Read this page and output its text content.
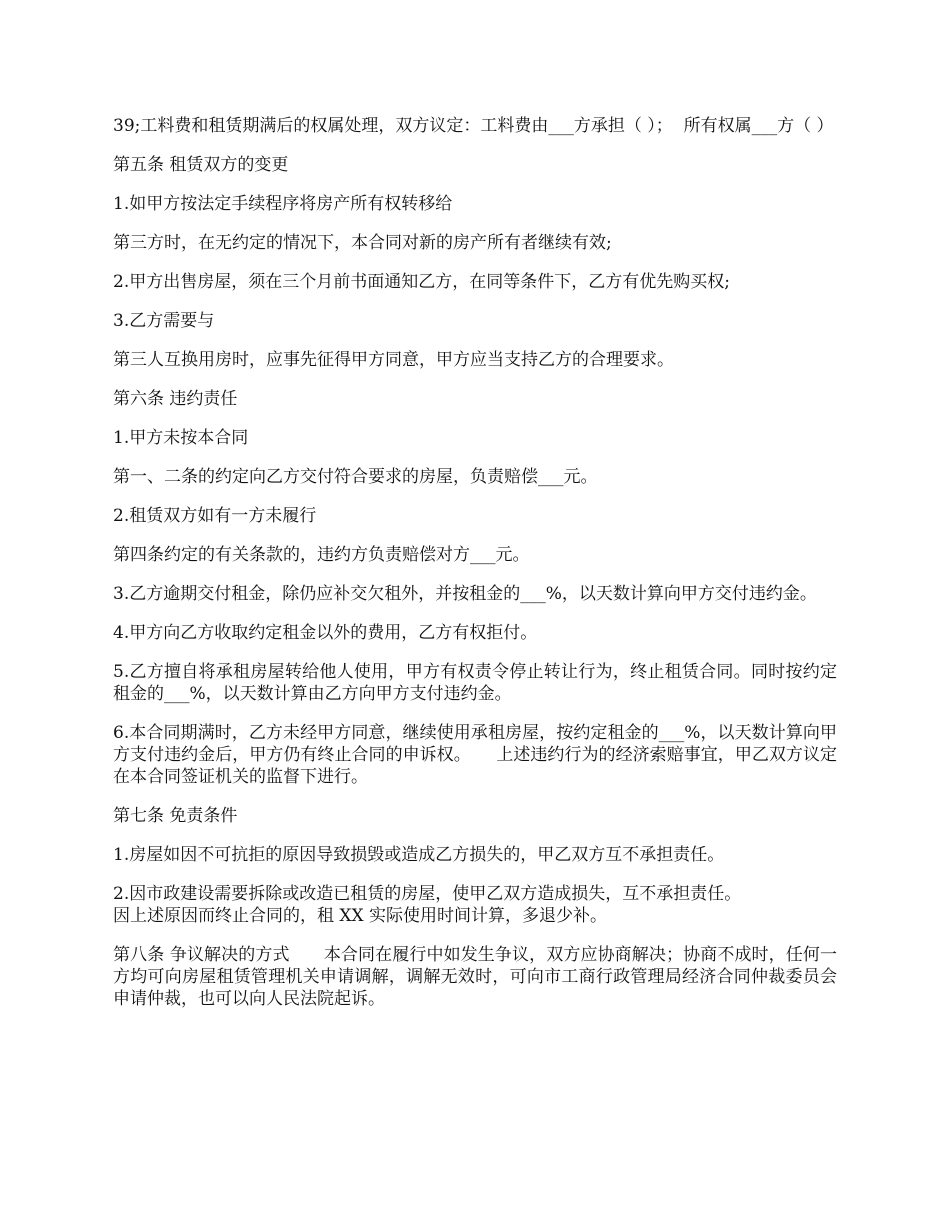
39;工料费和租赁期满后的权属处理，双方议定：工料费由___方承担（ ）；  所有权属___方（ ）

第五条 租赁双方的变更

1.如甲方按法定手续程序将房产所有权转移给

第三方时，在无约定的情况下，本合同对新的房产所有者继续有效;

2.甲方出售房屋，须在三个月前书面通知乙方，在同等条件下，乙方有优先购买权;

3.乙方需要与

第三人互换用房时，应事先征得甲方同意，甲方应当支持乙方的合理要求。

第六条 违约责任

1.甲方未按本合同

第一、二条的约定向乙方交付符合要求的房屋，负责赔偿___元。

2.租赁双方如有一方未履行

第四条约定的有关条款的，违约方负责赔偿对方___元。

3.乙方逾期交付租金，除仍应补交欠租外，并按租金的___%，以天数计算向甲方交付违约金。

4.甲方向乙方收取约定租金以外的费用，乙方有权拒付。

5.乙方擅自将承租房屋转给他人使用，甲方有权责令停止转让行为，终止租赁合同。同时按约定租金的___%，以天数计算由乙方向甲方支付违约金。

6.本合同期满时，乙方未经甲方同意，继续使用承租房屋，按约定租金的___%，以天数计算向甲方支付违约金后，甲方仍有终止合同的申诉权。　　上述违约行为的经济索赔事宜，甲乙双方议定在本合同签证机关的监督下进行。

第七条 免责条件

1.房屋如因不可抗拒的原因导致损毁或造成乙方损失的，甲乙双方互不承担责任。

2.因市政建设需要拆除或改造已租赁的房屋，使甲乙双方造成损失，互不承担责任。
因上述原因而终止合同的，租 XX 实际使用时间计算，多退少补。

第八条 争议解决的方式　　本合同在履行中如发生争议，双方应协商解决；协商不成时，任何一方均可向房屋租赁管理机关申请调解，调解无效时，可向市工商行政管理局经济合同仲裁委员会申请仲裁，也可以向人民法院起诉。
